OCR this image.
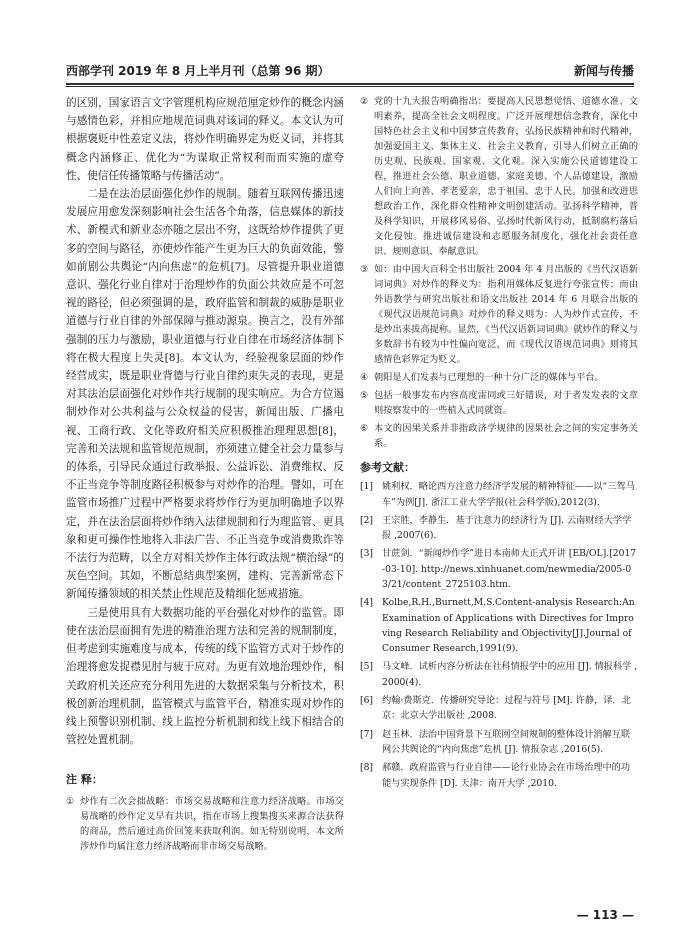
西部学刊 2019 年 8 月上半月刊（总第 96 期）	新闻与传播

的区别，国家语言文字管理机构应规范厘定炒作的概念内涵与感情色彩，并相应地规范词典对该词的释义。本文认为可根据褒贬中性差定义法，将炒作明确界定为贬义词，并将其概念内涵修正、优化为“为谋取正常权利而而实施的虚夸性、使信任传播策略与传播活动”。

二是在法治层面强化炒作的规制。随着互联网传播迅速发展应用愈发深刻影响社会生活各个角落，信息媒体的新技术、新模式和新业态亦随之层出不穷，这既给炒作提供了更多的空间与路径，亦使炒作能产生更为巨大的负面效能，警如前剧公共舆论“内向焦虑”的危机[7]。尽管提升职业道德意识、强化行业自律对于治理炒作的负面公共效应是不可忽视的路径，但必须强调的是，政府监管和制裁的威胁是职业道德与行业自律的外部保障与推动源泉。换言之，没有外部强制的压力与激励，职业道德与行业自律在市场经济体制下将在极大程度上失灵[8]。本文认为，经验视象层面的炒作经营成实，既是职业背德与行业自律约束失灵的表现，更是对其法治层面强化对炒作共行规制的现实响应。为合方位遏制炒作对公共利益与公众权益的侵害，新闻出版、广播电视、工商行政、文化等政府相关应积极推治理理思想[8]，完善和关法规和监管规范规制，亦须建立健全社会力量参与的体系，引导民众通过行政举报、公益诉讼、消费维权、反不正当竞争等制度路径积极参与对炒作的治理。譬如，可在监管市场推广过程中严格要求将炒作行为更加明确地予以界定，并在法治层面将炒作纳入法律规制和行为理监管、更具象和更可操作性地将入非法广告、不正当竞争或消费欺诈等不法行为范畴，以全方对相关炒作主体行政法规“横治绿”的灰色空间。其如，不断总结典型案例，建构、完善新常态下新闻传播领域的相关禁止性规范及精细化惩戒措施。

三是使用具有大数据功能的平台强化对炒作的监管。即使在法治层面拥有先进的精准治理方法和完善的规制制度，但考虑到实施难度与成本，传统的线下监管方式对于炒作的治理将愈发捉襟见肘与疲于应对。为更有效地治理炒作，相关政府机关还应充分利用先进的大数据采集与分析技术，积极创新治理机制，监管模式与监管平台，精准实现对炒作的线上预警识别机制、线上监控分析机制和线上线下相结合的管控处置机制。

注 释：

① 炒作有二次会拙战略：市场交易战略和注意力经济战略。市场交易战略的炒作定义早有共识，指在市场上搜集搜买来源合法获得的商品，然后通过高价回笼来获取利润。如无特别说明，本文所涉炒作均属注意力经济战略而非市场交易战略。

② 党的十九大报告明确指出：要提高人民思想觉悟、道德水准、文明素养，提高全社会文明程度。广泛开展理想信念教育，深化中国特色社会主义和中国梦宣传教育，弘扬民族精神和时代精神，加强爱国主义、集体主义、社会主义教育，引导人们树立正确的历史观、民族观、国家观、文化观。深入实施公民道德建设工程，推进社会公德、职业道德、家庭美德、个人品德建设，激励人们向上向善、孝老爱亲，忠于祖国、忠于人民。加强和改进思想政治工作，深化群众性精神文明创建活动。弘扬科学精神，普及科学知识，开展移风易俗、弘扬时代新风行动，抵制腐朽落后文化侵蚀。推进诚信建设和志愿服务制度化，强化社会责任意识、规则意识、奉献意识。

③ 如：由中国大百科全书出版社 2004 年 4 月出版的《当代汉语新词词典》对炒作的释义为：指利用媒体反复进行夸张宣传；而由外语教学与研究出版社和语文出版社 2014 年 6 月联合出版的《现代汉语规范词典》对炒作的释义则为：人为炒作式宣传，不是炒出来拔高提称。显然，《当代汉语新词词典》就炒作的释义与多数辞书有较为中性偏向宽泛，而《现代汉语规范词典》则将其感情色彩界定为贬义。

④ 朝阳是人们发表与已理想的一种十分广泛的媒体与平台。

⑤ 包括一般事发布内容高度雷同或三好错误，对于者发发表的文章则按察发中的一些植入式同就资。

⑥ 本文的因果关系并非指政济学规律的因果社会之间的实定事务关系。

参考文献：

[1] 姚利权．略论西方注意力经济学发展的精神特征——以“三驾马车”为例[J]. 浙江工业大学学报(社会科学版),2012(3).

[2] 王宗胜，李静生．基于注意力的经济行为 [J]. 云南财经大学学报 ,2007(6).

[3] 甘蔗剑．“新闻炒作学”进日本南师大正式开讲 [EB/OL].[2017-03-10]. http://news.xinhuanet.com/newmedia/2005-03/21/content_2725103.htm.

[4] Kolbe,R.H.,Burnett,M.S.Content-analysis Research:An Examination of Applications with Directives for Improving Research Reliability and Objectivity[J].Journal of Consumer Research,1991(9).

[5] 马文峰．试析内容分析法在社科情报学中的应用 [J]. 情报科学 ,2000(4).

[6] 约翰·费斯克．传播研究导论：过程与符号 [M]. 许静，译．北京：北京大学出版社 ,2008.

[7] 赵玉林．法治中国背景下互联网空间规制的整体设计消解互联网公共舆论的“内向焦虑”危机 [J]. 情报杂志 ,2016(5).

[8] 郝赣．政府监管与行业自律——论行业协会在市场治理中的功能与实现条件 [D]. 天津：南开大学 ,2010.

— 113 —
